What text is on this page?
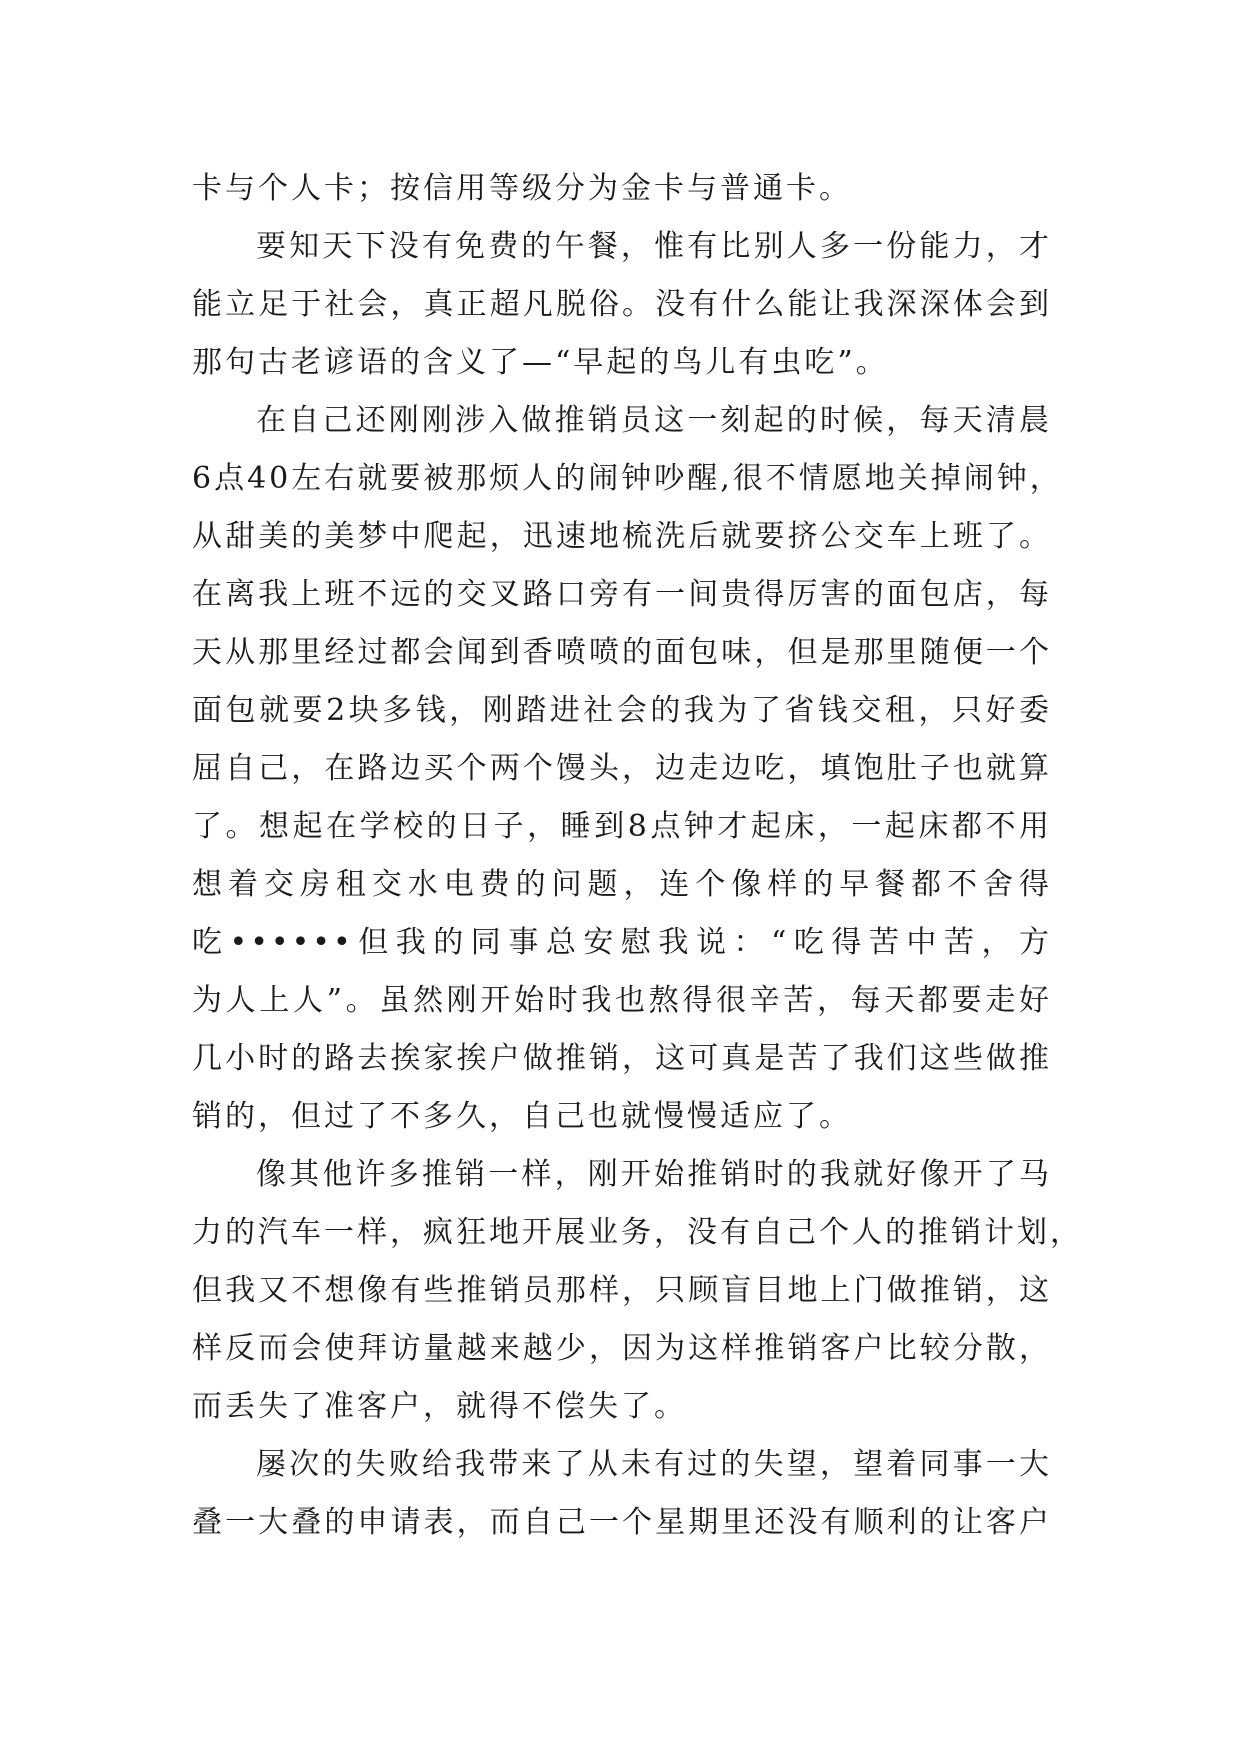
卡与个人卡；按信用等级分为金卡与普通卡。
要知天下没有免费的午餐，惟有比别人多一份能力，才
能立足于社会，真正超凡脱俗。没有什么能让我深深体会到
那句古老谚语的含义了—“早起的鸟儿有虫吃”。
在自己还刚刚涉入做推销员这一刻起的时候，每天清晨
6点40左右就要被那烦人的闹钟吵醒,很不情愿地关掉闹钟，
从甜美的美梦中爬起，迅速地梳洗后就要挤公交车上班了。
在离我上班不远的交叉路口旁有一间贵得厉害的面包店，每
天从那里经过都会闻到香喷喷的面包味，但是那里随便一个
面包就要2块多钱，刚踏进社会的我为了省钱交租，只好委
屈自己，在路边买个两个馒头，边走边吃，填饱肚子也就算
了。想起在学校的日子，睡到8点钟才起床，一起床都不用
想着交房租交水电费的问题，连个像样的早餐都不舍得
吃••••••但我的同事总安慰我说：“吃得苦中苦，方
为人上人”。虽然刚开始时我也熬得很辛苦，每天都要走好
几小时的路去挨家挨户做推销，这可真是苦了我们这些做推
销的，但过了不多久，自己也就慢慢适应了。
像其他许多推销一样，刚开始推销时的我就好像开了马
力的汽车一样，疯狂地开展业务，没有自己个人的推销计划，
但我又不想像有些推销员那样，只顾盲目地上门做推销，这
样反而会使拜访量越来越少，因为这样推销客户比较分散，
而丢失了准客户，就得不偿失了。
屡次的失败给我带来了从未有过的失望，望着同事一大
叠一大叠的申请表，而自己一个星期里还没有顺利的让客户
